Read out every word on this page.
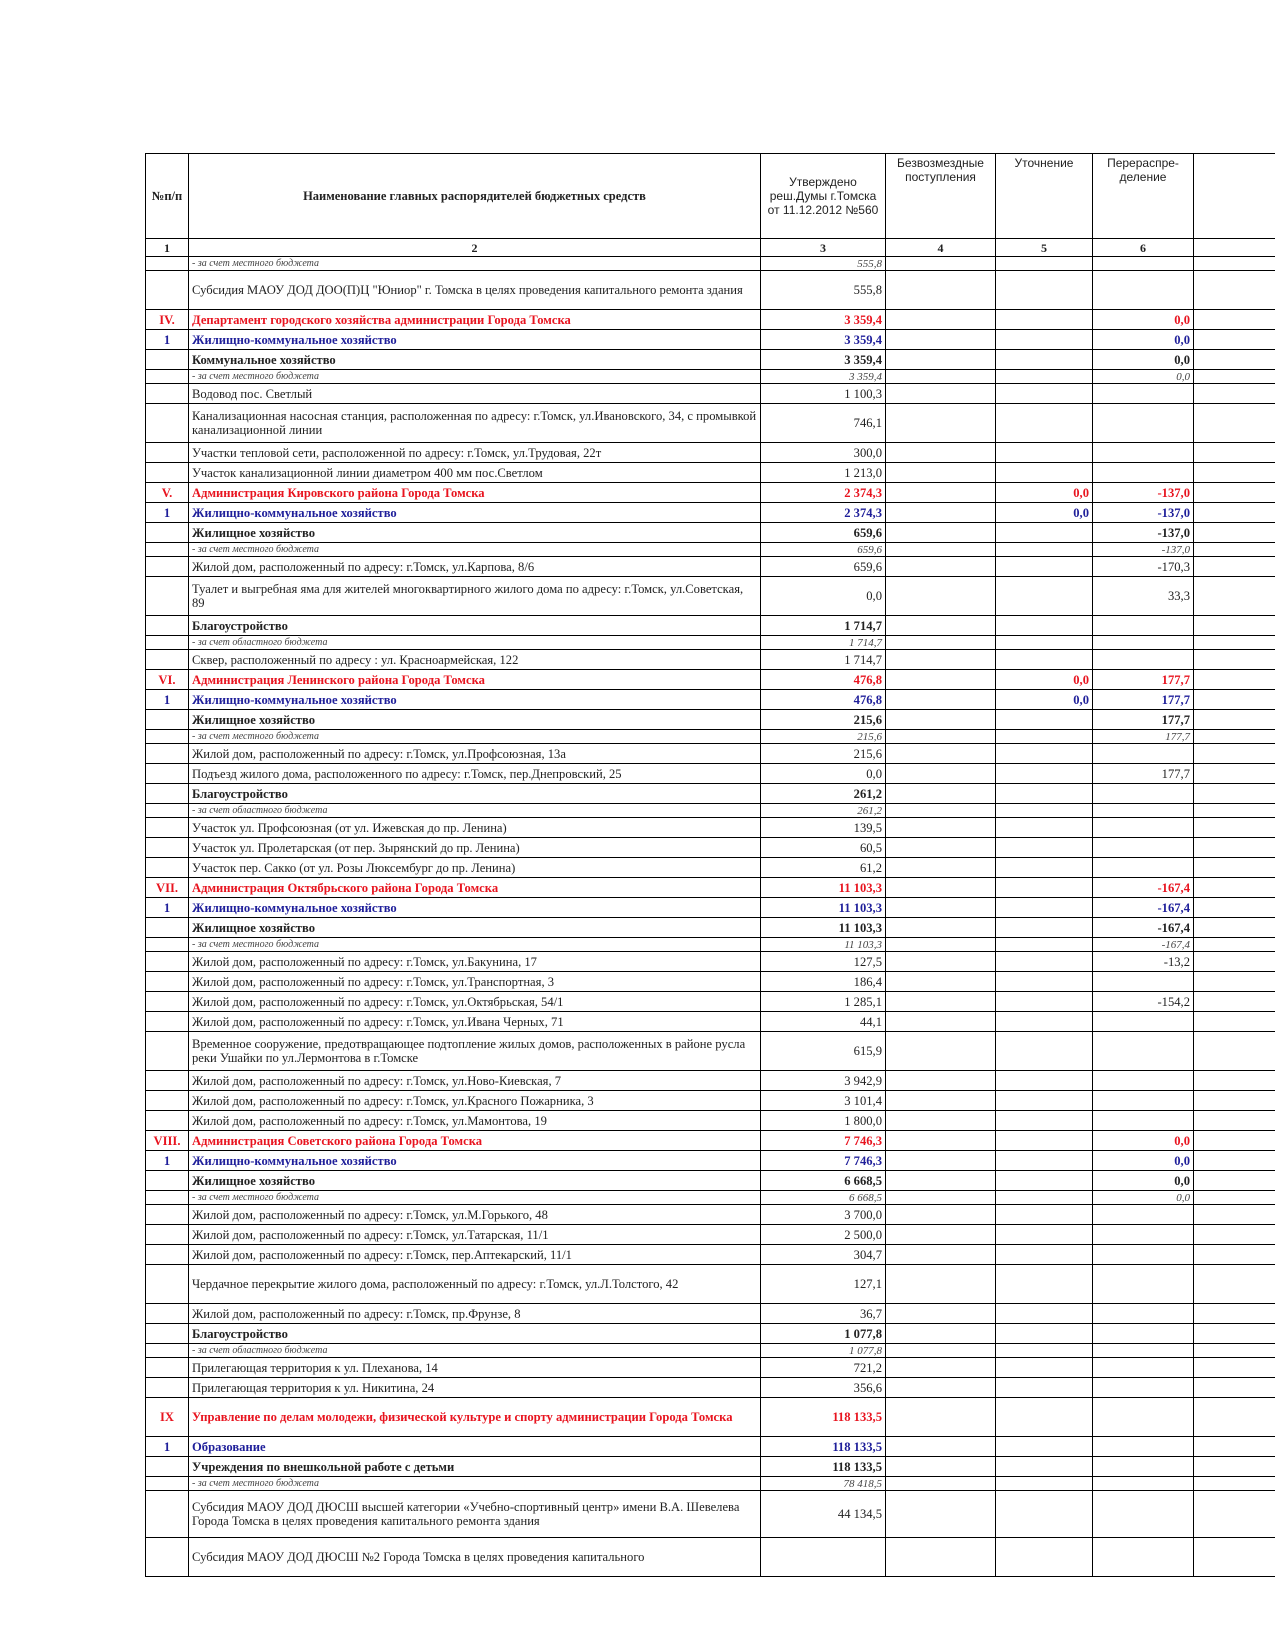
№п/п	Наименование главных распорядителей бюджетных средств	Утверждено реш.Думы г.Томска от 11.12.2012 №560	Безвозмездные поступления	Уточнение	Перераспре-деление	
1	2	3	4	5	6	
	- за счет местного бюджета	555,8				
	Субсидия МАОУ ДОД ДОО(П)Ц "Юниор" г. Томска в целях проведения капитального ремонта здания	555,8				
IV.	Департамент городского хозяйства администрации Города Томска	3 359,4			0,0	
1	Жилищно-коммунальное хозяйство	3 359,4			0,0	
	Коммунальное хозяйство	3 359,4			0,0	
	- за счет местного бюджета	3 359,4			0,0	
	Водовод пос. Светлый	1 100,3				
	Канализационная насосная станция, расположенная по адресу: г.Томск, ул.Ивановского, 34, с промывкой канализационной линии	746,1				
	Участки тепловой сети, расположенной по адресу: г.Томск, ул.Трудовая, 22т	300,0				
	Участок канализационной линии диаметром 400 мм пос.Светлом	1 213,0				
V.	Администрация Кировского района Города Томска	2 374,3		0,0	-137,0	
1	Жилищно-коммунальное хозяйство	2 374,3		0,0	-137,0	
	Жилищное хозяйство	659,6			-137,0	
	- за счет местного бюджета	659,6			-137,0	
	Жилой дом, расположенный по адресу: г.Томск, ул.Карпова, 8/6	659,6			-170,3	
	Туалет и выгребная яма для жителей многоквартирного жилого дома по адресу: г.Томск, ул.Советская, 89	0,0			33,3	
	Благоустройство	1 714,7				
	- за счет областного бюджета	1 714,7				
	Сквер, расположенный по адресу : ул. Красноармейская, 122	1 714,7				
VI.	Администрация Ленинского района Города Томска	476,8		0,0	177,7	
1	Жилищно-коммунальное хозяйство	476,8		0,0	177,7	
	Жилищное хозяйство	215,6			177,7	
	- за счет местного бюджета	215,6			177,7	
	Жилой дом, расположенный по адресу: г.Томск, ул.Профсоюзная, 13а	215,6				
	Подъезд жилого дома, расположенного по адресу: г.Томск, пер.Днепровский, 25	0,0			177,7	
	Благоустройство	261,2				
	- за счет областного бюджета	261,2				
	Участок ул. Профсоюзная (от ул. Ижевская до пр. Ленина)	139,5				
	Участок ул. Пролетарская (от пер. Зырянский до пр. Ленина)	60,5				
	Участок пер. Сакко (от ул. Розы Люксембург до пр. Ленина)	61,2				
VII.	Администрация Октябрьского района Города Томска	11 103,3			-167,4	
1	Жилищно-коммунальное хозяйство	11 103,3			-167,4	
	Жилищное хозяйство	11 103,3			-167,4	
	- за счет местного бюджета	11 103,3			-167,4	
	Жилой дом, расположенный по адресу: г.Томск, ул.Бакунина, 17	127,5			-13,2	
	Жилой дом, расположенный по адресу: г.Томск, ул.Транспортная, 3	186,4				
	Жилой дом, расположенный по адресу: г.Томск, ул.Октябрьская, 54/1	1 285,1			-154,2	
	Жилой дом, расположенный по адресу: г.Томск, ул.Ивана Черных, 71	44,1				
	Временное сооружение, предотвращающее подтопление жилых домов, расположенных в районе русла реки Ушайки по ул.Лермонтова в г.Томске	615,9				
	Жилой дом, расположенный по адресу: г.Томск, ул.Ново-Киевская, 7	3 942,9				
	Жилой дом, расположенный по адресу: г.Томск, ул.Красного Пожарника, 3	3 101,4				
	Жилой дом, расположенный по адресу: г.Томск, ул.Мамонтова, 19	1 800,0				
VIII.	Администрация Советского района Города Томска	7 746,3			0,0	
1	Жилищно-коммунальное хозяйство	7 746,3			0,0	
	Жилищное хозяйство	6 668,5			0,0	
	- за счет местного бюджета	6 668,5			0,0	
	Жилой дом, расположенный по адресу: г.Томск, ул.М.Горького, 48	3 700,0				
	Жилой дом, расположенный по адресу: г.Томск, ул.Татарская, 11/1	2 500,0				
	Жилой дом, расположенный по адресу: г.Томск, пер.Аптекарский, 11/1	304,7				
	Чердачное перекрытие жилого дома, расположенный по адресу: г.Томск, ул.Л.Толстого, 42	127,1				
	Жилой дом, расположенный по адресу: г.Томск, пр.Фрунзе, 8	36,7				
	Благоустройство	1 077,8				
	- за счет областного бюджета	1 077,8				
	Прилегающая территория к ул. Плеханова, 14	721,2				
	Прилегающая территория к ул. Никитина, 24	356,6				
IX	Управление по делам молодежи, физической культуре и спорту администрации Города Томска	118 133,5				
1	Образование	118 133,5				
	Учреждения по внешкольной работе с детьми	118 133,5				
	- за счет местного бюджета	78 418,5				
	Субсидия МАОУ ДОД ДЮСШ высшей категории «Учебно-спортивный центр» имени В.А. Шевелева Города Томска в целях проведения капитального ремонта здания	44 134,5				
	Субсидия МАОУ ДОД ДЮСШ №2 Города Томска в целях проведения капитального					
